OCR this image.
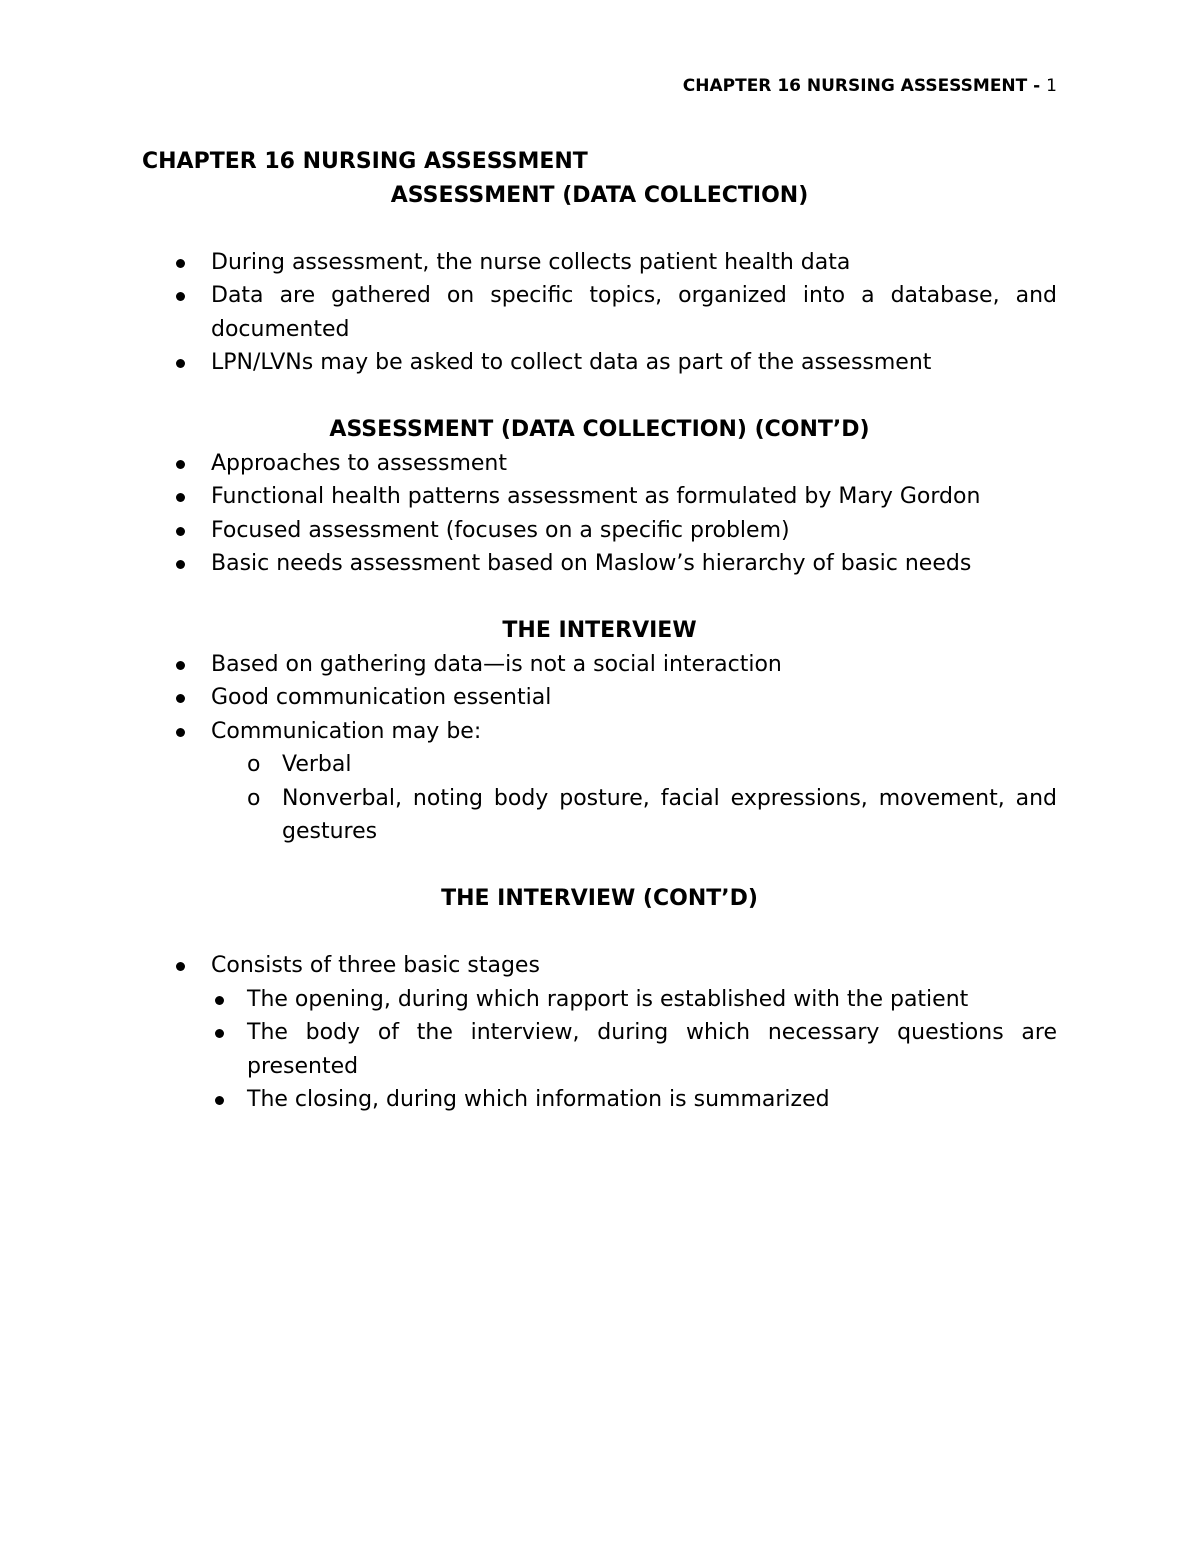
CHAPTER 16 NURSING ASSESSMENT - 1

CHAPTER 16 NURSING ASSESSMENT

ASSESSMENT (DATA COLLECTION)

During assessment, the nurse collects patient health data
Data are gathered on specific topics, organized into a database, and documented
LPN/LVNs may be asked to collect data as part of the assessment

ASSESSMENT (DATA COLLECTION) (CONT’D)

Approaches to assessment
Functional health patterns assessment as formulated by Mary Gordon
Focused assessment (focuses on a specific problem)
Basic needs assessment based on Maslow’s hierarchy of basic needs

THE INTERVIEW

Based on gathering data—is not a social interaction
Good communication essential
Communication may be:
o Verbal
o Nonverbal, noting body posture, facial expressions, movement, and gestures

THE INTERVIEW (CONT’D)

Consists of three basic stages
The opening, during which rapport is established with the patient
The body of the interview, during which necessary questions are presented
The closing, during which information is summarized
